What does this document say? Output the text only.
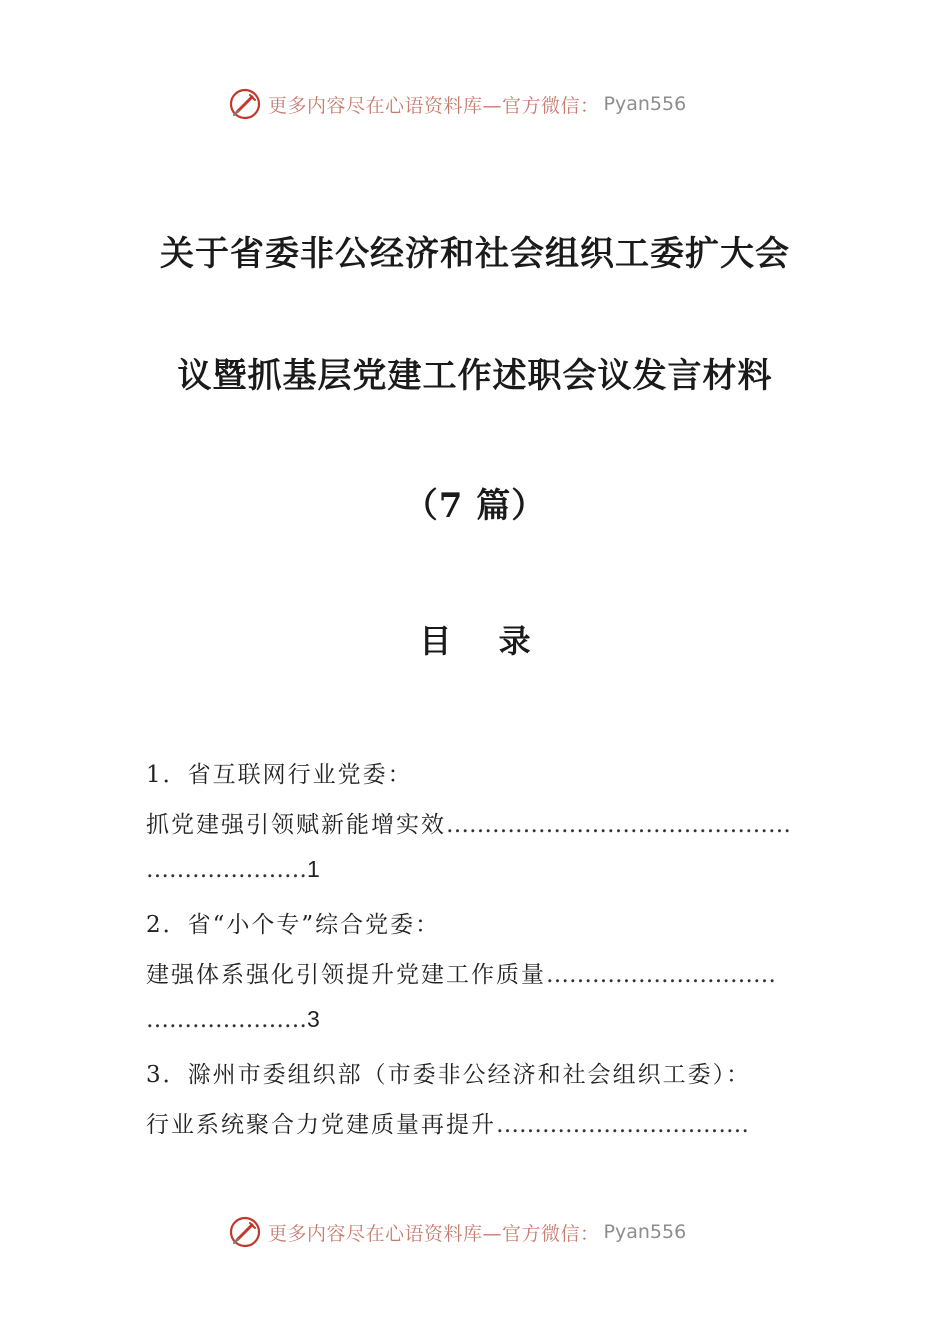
更多内容尽在心语资料库—官方微信： Pyan556
关于省委非公经济和社会组织工委扩大会
议暨抓基层党建工作述职会议发言材料
（7 篇）
目 录
1．省互联网行业党委：
抓党建强引领赋新能增实效………………………………………
…………………1
2．省“小个专”综合党委：
建强体系强化引领提升党建工作质量…………………………
…………………3
3．滁州市委组织部（市委非公经济和社会组织工委）：
行业系统聚合力党建质量再提升……………………………
更多内容尽在心语资料库—官方微信： Pyan556
